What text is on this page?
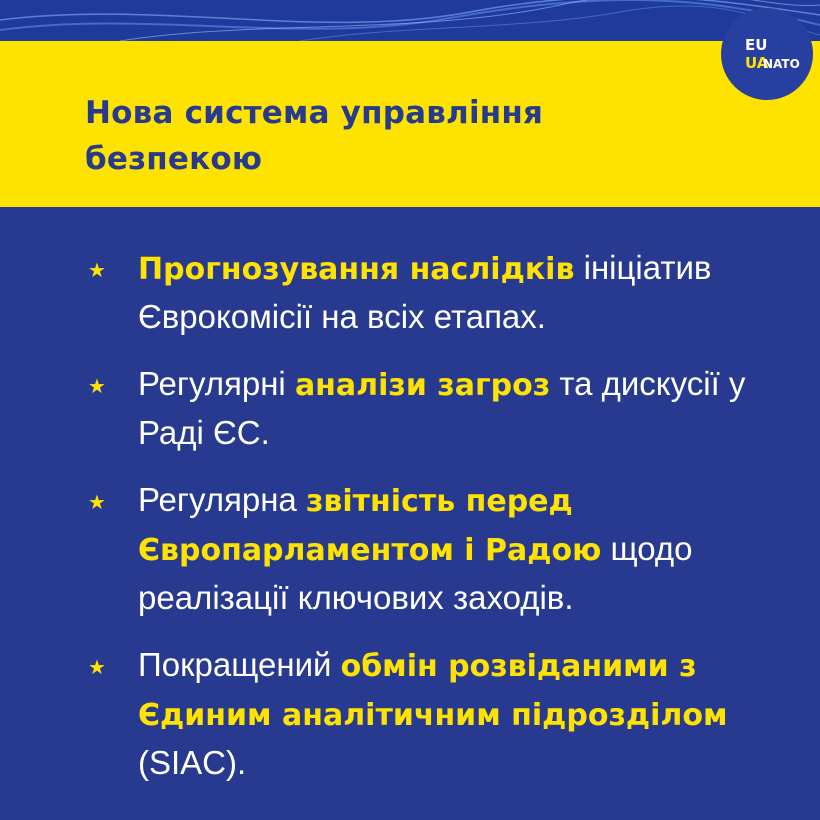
Нова система управління безпекою
EU
UA
NATO
★	Прогнозування наслідків ініціатив Єврокомісії на всіх етапах.
★ Регулярні аналізи загроз та дискусії у Раді ЄС.
★ Регулярна звітність перед Європарламентом і Радою щодо реалізації ключових заходів.
★ Покращений обмін розвіданими з Єдиним аналітичним підрозділом (SIAC).
